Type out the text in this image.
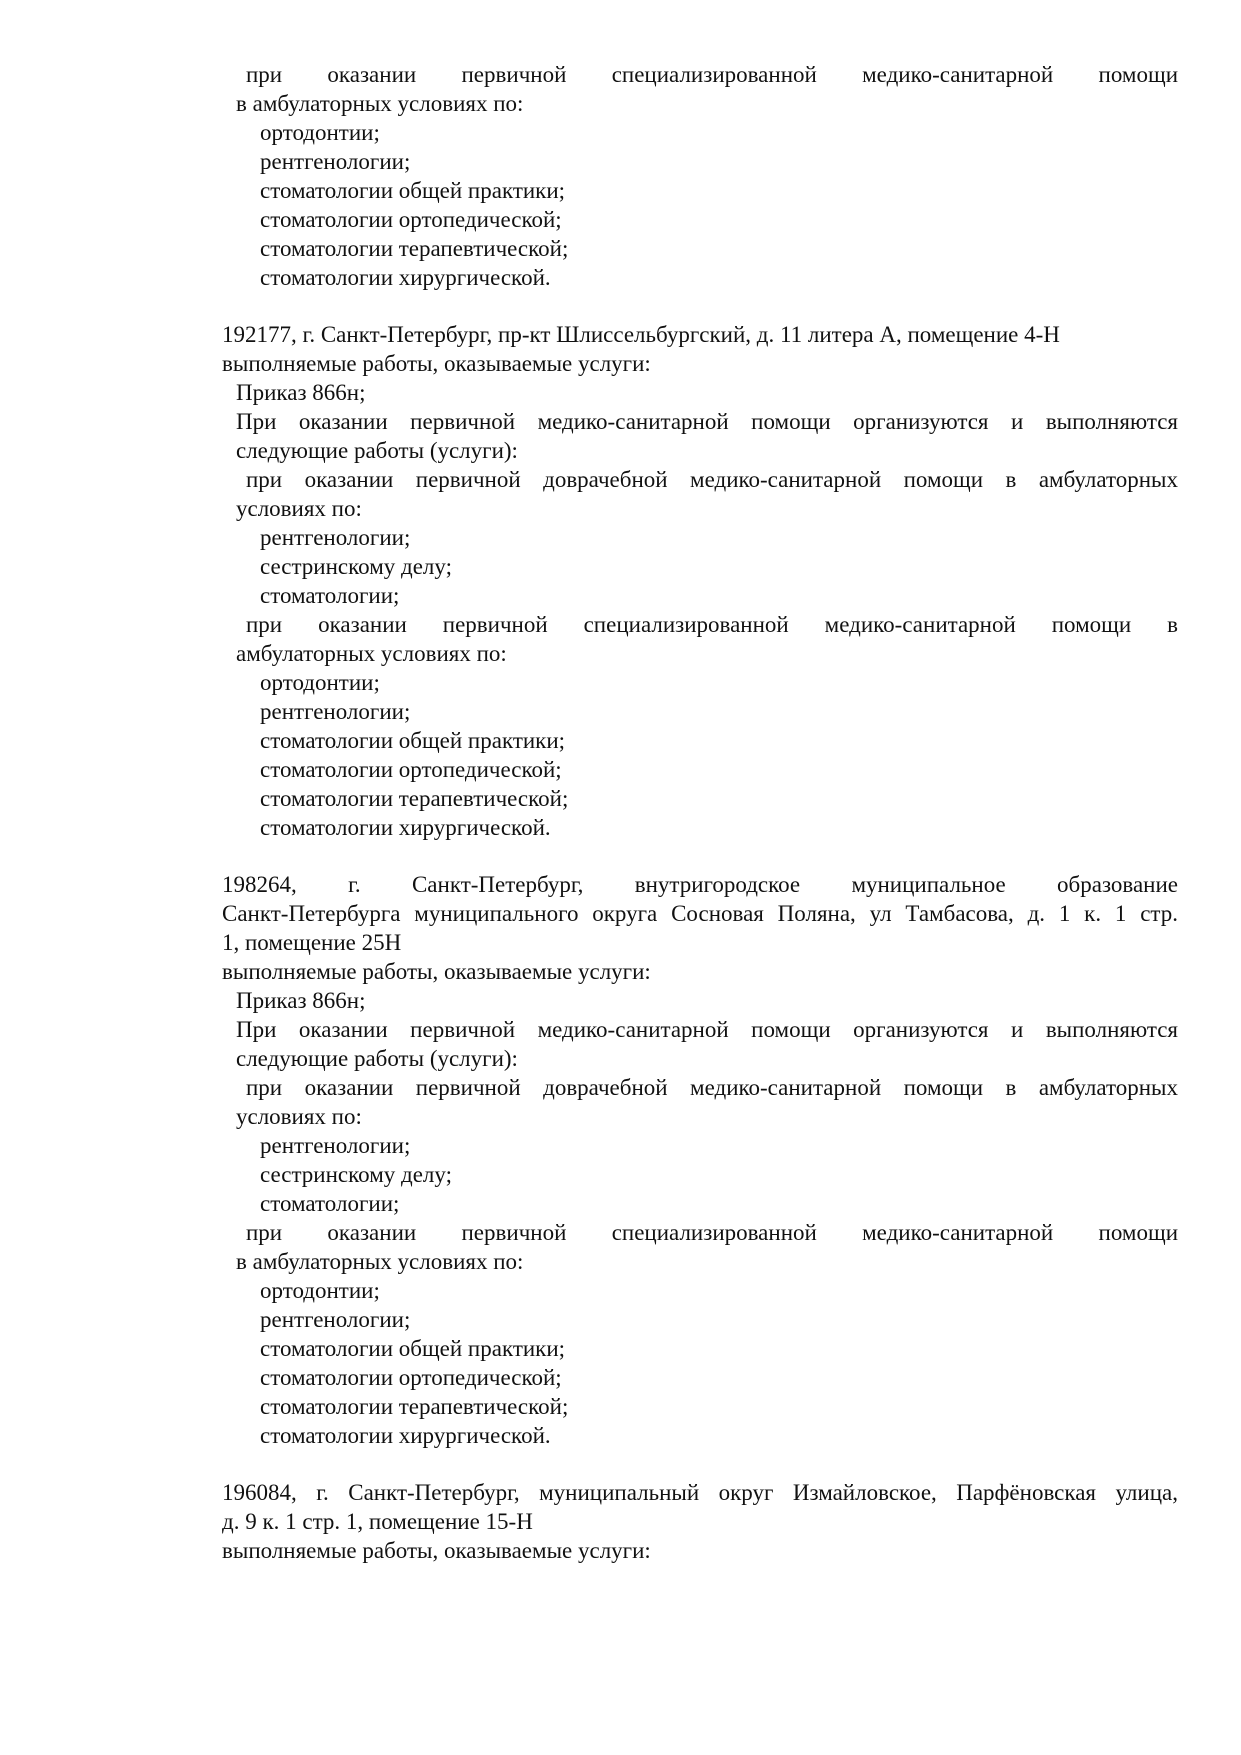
при оказании первичной специализированной медико-санитарной помощи
в амбулаторных условиях по:
ортодонтии;
рентгенологии;
стоматологии общей практики;
стоматологии ортопедической;
стоматологии терапевтической;
стоматологии хирургической.
192177, г. Санкт-Петербург, пр-кт Шлиссельбургский, д. 11 литера А, помещение 4-Н
выполняемые работы, оказываемые услуги:
Приказ 866н;
При оказании первичной медико-санитарной помощи организуются и выполняются
следующие работы (услуги):
при оказании первичной доврачебной медико-санитарной помощи в амбулаторных
условиях по:
рентгенологии;
сестринскому делу;
стоматологии;
при оказании первичной специализированной медико-санитарной помощи в
амбулаторных условиях по:
ортодонтии;
рентгенологии;
стоматологии общей практики;
стоматологии ортопедической;
стоматологии терапевтической;
стоматологии хирургической.
198264, г. Санкт-Петербург, внутригородское муниципальное образование
Санкт-Петербурга муниципального округа Сосновая Поляна, ул Тамбасова, д. 1 к. 1 стр.
1, помещение 25Н
выполняемые работы, оказываемые услуги:
Приказ 866н;
При оказании первичной медико-санитарной помощи организуются и выполняются
следующие работы (услуги):
при оказании первичной доврачебной медико-санитарной помощи в амбулаторных
условиях по:
рентгенологии;
сестринскому делу;
стоматологии;
при оказании первичной специализированной медико-санитарной помощи
в амбулаторных условиях по:
ортодонтии;
рентгенологии;
стоматологии общей практики;
стоматологии ортопедической;
стоматологии терапевтической;
стоматологии хирургической.
196084, г. Санкт-Петербург, муниципальный округ Измайловское, Парфёновская улица,
д. 9 к. 1 стр. 1, помещение 15-Н
выполняемые работы, оказываемые услуги:
